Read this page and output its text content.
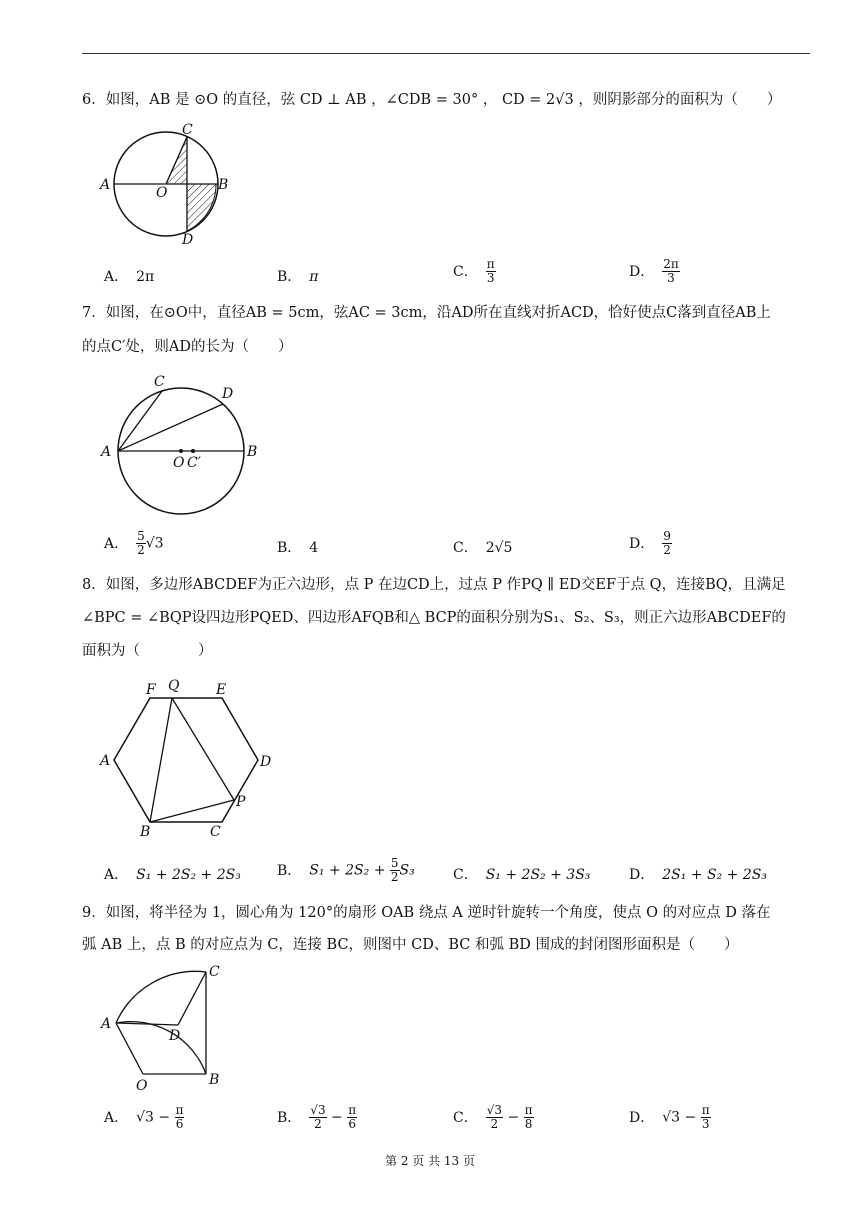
6．如图，AB 是 ⊙O 的直径，弦 CD ⊥ AB ，∠CDB = 30° ， CD = 2√3 ，则阴影部分的面积为（　　）
A	B
C
D
O
A． 2π	B． π	C． $\frac{\pi}{3}$	D． $\frac{2\pi}{3}$
7．如图，在⊙O中，直径AB = 5cm，弦AC = 3cm，沿AD所在直线对折ACD，恰好使点C落到直径AB上
的点C′处，则AD的长为（　　）
A	B
C
D
O C′
A． $\frac{5}{2} √3$	B． 4	C． 2√5	D． $\frac{9}{2}$
8．如图，多边形ABCDEF为正六边形，点 P 在边CD上，过点 P 作PQ ∥ ED交EF于点 Q，连接BQ，且满足
∠BPC = ∠BQP设四边形PQED、四边形AFQB和△ BCP的面积分别为S₁、S₂、S₃，则正六边形ABCDEF的
面积为（　　　　）
A
B	C
D
E
F
P
Q
A． S₁ + 2S₂ + 2S₃	B． $S_1 + 2S_2 + \frac{5}{2} S_3$	C． S₁ + 2S₂ + 3S₃	D． 2S₁ + S₂ + 2S₃
9．如图，将半径为 1，圆心角为 120°的扇形 OAB 绕点 A 逆时针旋转一个角度，使点 O 的对应点 D 落在
弧 AB 上，点 B 的对应点为 C，连接 BC，则图中 CD、BC 和弧 BD 围成的封闭图形面积是（　　）
A
B
C
D
O
A． $√3 - \frac{\pi}{6}$	B． $\frac{√3}{2} - \frac{\pi}{6}$	C． $\frac{√3}{2} - \frac{\pi}{8}$	D． $√3 - \frac{\pi}{3}$
第 2 页 共 13 页
